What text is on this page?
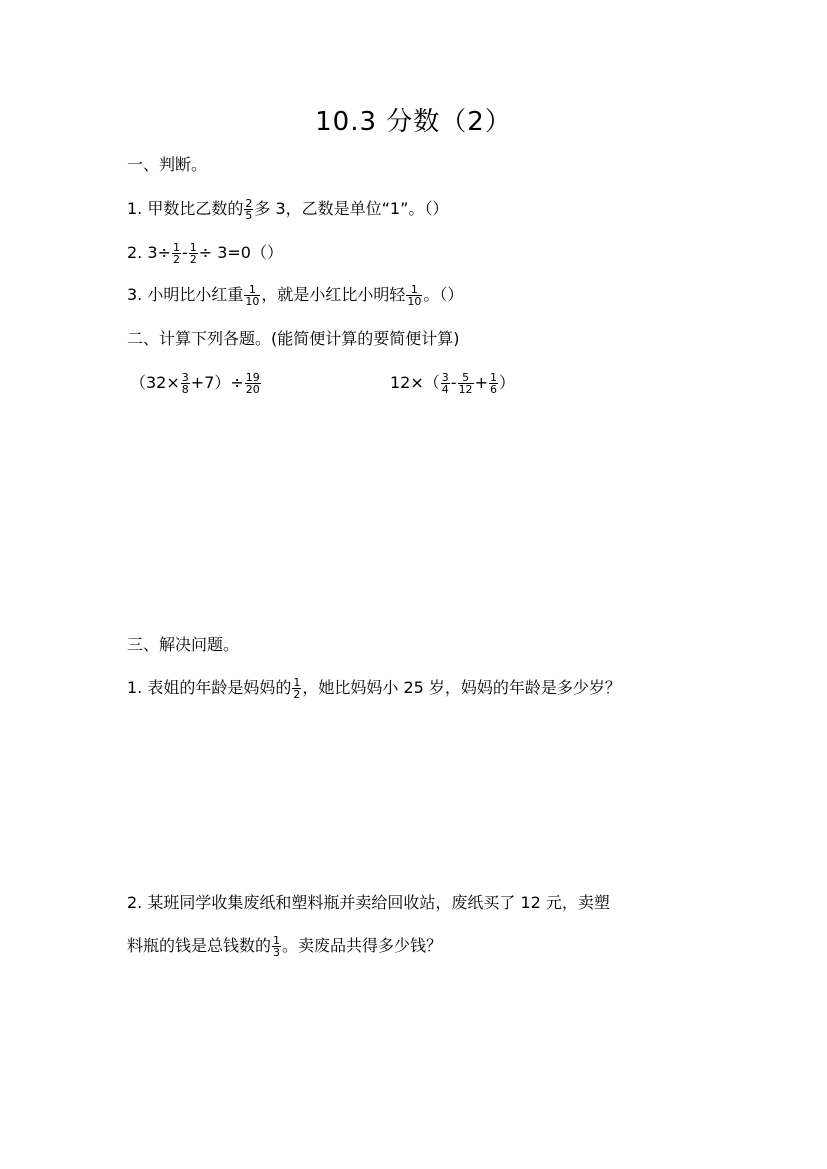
10.3 分数（2）
一、判断。
1. 甲数比乙数的 $\frac{2}{5}$ 多 3，乙数是单位“1”。（）
2. $3\div \frac{1}{2} - \frac{1}{2} \div 3=0()$
3. 小明比小红重 $\frac{1}{10}$ ，就是小红比小明轻 $\frac{1}{10}$ 。（）
二、计算下列各题。(能简便计算的要简便计算)
$(32\times \frac{3}{8} +7)\div \frac{19}{20}$	$12\times( \frac{3}{4} - \frac{5}{12} + \frac{1}{6}$ ）
三、解决问题。
1. 表姐的年龄是妈妈的 $\frac{1}{2}$ ，她比妈妈小 25 岁，妈妈的年龄是多少岁？
2. 某班同学收集废纸和塑料瓶并卖给回收站，废纸买了 12 元，卖塑
料瓶的钱是总钱数的 $\frac{1}{3}$ 。卖废品共得多少钱？
